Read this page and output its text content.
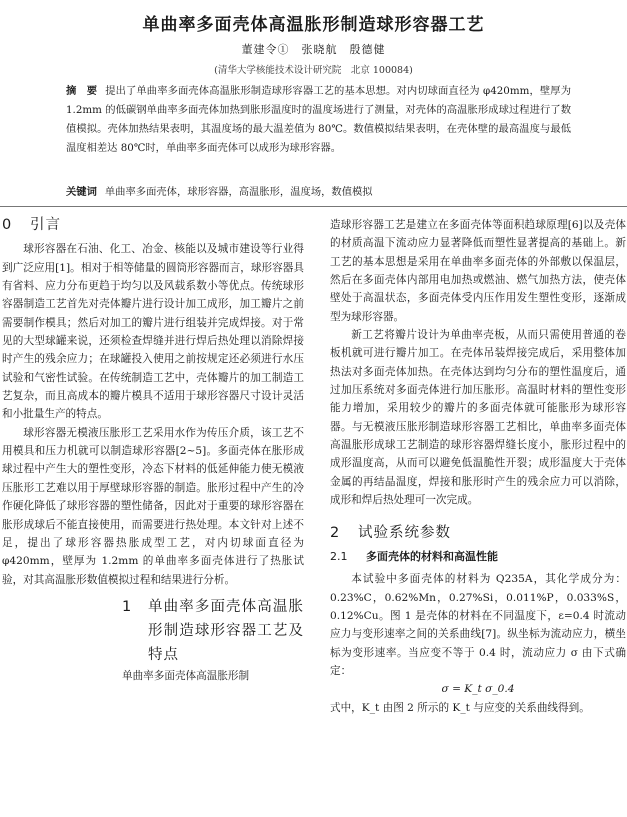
单曲率多面壳体高温胀形制造球形容器工艺
董建令①　张晓航　殷德健
(清华大学核能技术设计研究院　北京 100084)
摘　要 提出了单曲率多面壳体高温胀形制造球形容器工艺的基本思想。对内切球面直径为 φ420mm，壁厚为 1.2mm 的低碳钢单曲率多面壳体加热到胀形温度时的温度场进行了测量，对壳体的高温胀形成球过程进行了数值模拟。壳体加热结果表明，其温度场的最大温差值为 80℃。数值模拟结果表明，在壳体壁的最高温度与最低温度相差达 80℃时，单曲率多面壳体可以成形为球形容器。
关键词 单曲率多面壳体，球形容器，高温胀形，温度场，数值模拟
0 引言

球形容器在石油、化工、冶金、核能以及城市建设等行业得到广泛应用[1]。相对于相等储量的圆筒形容器而言，球形容器具有省料、应力分布更趋于均匀以及风载系数小等优点。传统球形容器制造工艺首先对壳体瓣片进行设计加工成形，加工瓣片之前需要制作模具；然后对加工的瓣片进行组装并完成焊接。对于常见的大型球罐来说，还须检查焊缝并进行焊后热处理以消除焊接时产生的残余应力；在球罐投入使用之前按规定还必须进行水压试验和气密性试验。在传统制造工艺中，壳体瓣片的加工制造工艺复杂，而且高成本的瓣片模具不适用于球形容器尺寸设计灵活和小批量生产的特点。

球形容器无模液压胀形工艺采用水作为传压介质，该工艺不用模具和压力机就可以制造球形容器[2~5]。多面壳体在胀形成球过程中产生大的塑性变形，冷态下材料的低延伸能力使无模液压胀形工艺难以用于厚壁球形容器的制造。胀形过程中产生的冷作硬化降低了球形容器的塑性储备，因此对于重要的球形容器在胀形成球后不能直接使用，而需要进行热处理。本文针对上述不足，提出了球形容器热胀成型工艺，对内切球面直径为 φ420mm，壁厚为 1.2mm 的单曲率多面壳体进行了热胀试验，对其高温胀形数值模拟过程和结果进行分析。

1	单曲率多面壳体高温胀形制造球形容器工艺及特点

单曲率多面壳体高温胀形制

造球形容器工艺是建立在多面壳体等面积趋球原理[6]以及壳体的材质高温下流动应力显著降低而塑性显著提高的基础上。新工艺的基本思想是采用在单曲率多面壳体的外部敷以保温层，然后在多面壳体内部用电加热或燃油、燃气加热方法，使壳体壁处于高温状态，多面壳体受内压作用发生塑性变形，逐渐成型为球形容器。

新工艺将瓣片设计为单曲率壳板，从而只需使用普通的卷板机就可进行瓣片加工。在壳体吊装焊接完成后，采用整体加热法对多面壳体加热。在壳体达到均匀分布的塑性温度后，通过加压系统对多面壳体进行加压胀形。高温时材料的塑性变形能力增加，采用较少的瓣片的多面壳体就可能胀形为球形容器。与无模液压胀形制造球形容器工艺相比，单曲率多面壳体高温胀形成球工艺制造的球形容器焊缝长度小，胀形过程中的成形温度高，从而可以避免低温脆性开裂；成形温度大于壳体金属的再结晶温度，焊接和胀形时产生的残余应力可以消除，成形和焊后热处理可一次完成。

2 试验系统参数
2.1 多面壳体的材料和高温性能

本试验中多面壳体的材料为 Q235A，其化学成分为：0.23%C，0.62%Mn，0.27%Si，0.011%P，0.033%S，0.12%Cu。图 1 是壳体的材料在不同温度下，ε=0.4 时流动应力与变形速率之间的关系曲线[7]。纵坐标为流动应力，横坐标为变形速率。当应变不等于 0.4 时，流动应力 σ 由下式确定：

σ = K_t σ_0.4

式中，K_t 由图 2 所示的 K_t 与应变的关系曲线得到。
